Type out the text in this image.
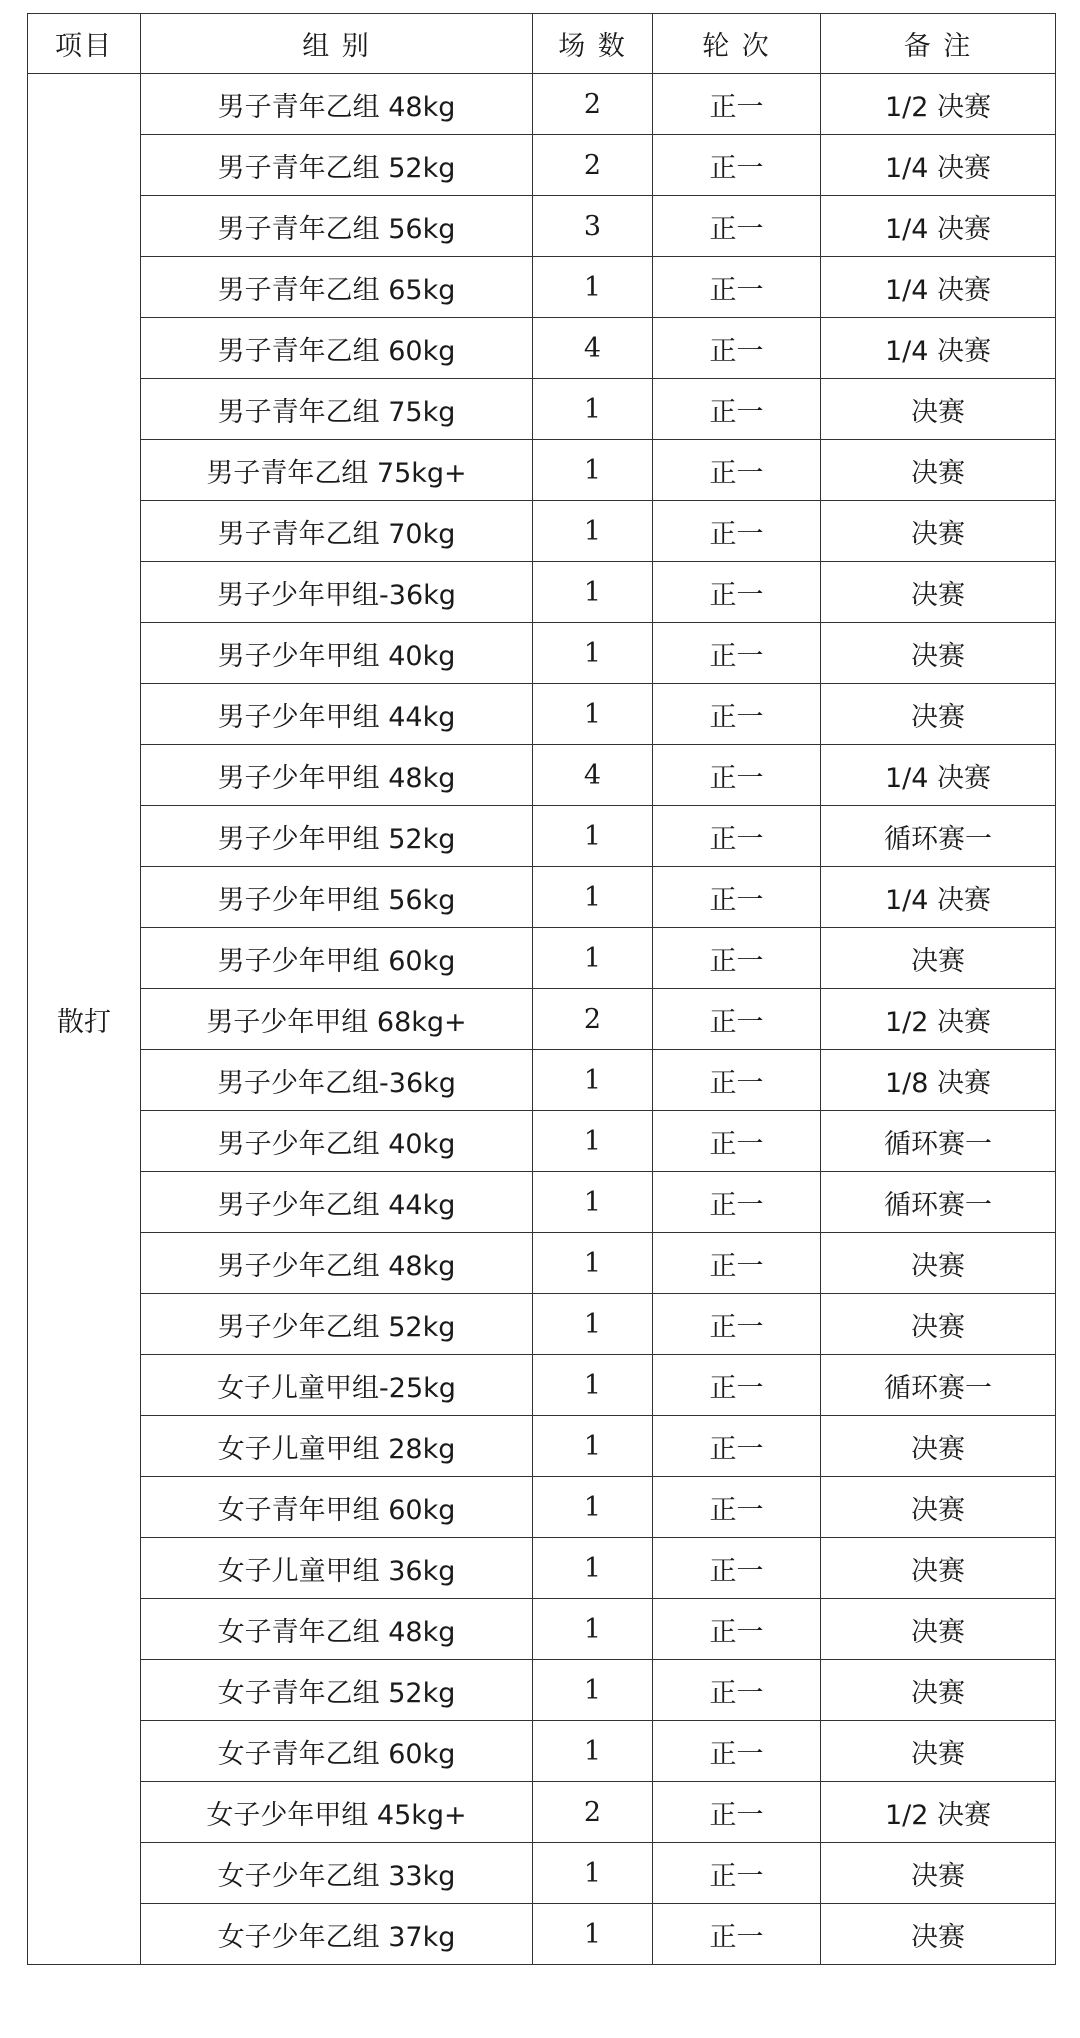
项目	组 别	场 数	轮 次	备 注
散打	男子青年乙组 48kg	2	正一	1/2 决赛
	男子青年乙组 52kg	2	正一	1/4 决赛
	男子青年乙组 56kg	3	正一	1/4 决赛
	男子青年乙组 65kg	1	正一	1/4 决赛
	男子青年乙组 60kg	4	正一	1/4 决赛
	男子青年乙组 75kg	1	正一	决赛
	男子青年乙组 75kg+	1	正一	决赛
	男子青年乙组 70kg	1	正一	决赛
	男子少年甲组-36kg	1	正一	决赛
	男子少年甲组 40kg	1	正一	决赛
	男子少年甲组 44kg	1	正一	决赛
	男子少年甲组 48kg	4	正一	1/4 决赛
	男子少年甲组 52kg	1	正一	循环赛一
	男子少年甲组 56kg	1	正一	1/4 决赛
	男子少年甲组 60kg	1	正一	决赛
	男子少年甲组 68kg+	2	正一	1/2 决赛
	男子少年乙组-36kg	1	正一	1/8 决赛
	男子少年乙组 40kg	1	正一	循环赛一
	男子少年乙组 44kg	1	正一	循环赛一
	男子少年乙组 48kg	1	正一	决赛
	男子少年乙组 52kg	1	正一	决赛
	女子儿童甲组-25kg	1	正一	循环赛一
	女子儿童甲组 28kg	1	正一	决赛
	女子青年甲组 60kg	1	正一	决赛
	女子儿童甲组 36kg	1	正一	决赛
	女子青年乙组 48kg	1	正一	决赛
	女子青年乙组 52kg	1	正一	决赛
	女子青年乙组 60kg	1	正一	决赛
	女子少年甲组 45kg+	2	正一	1/2 决赛
	女子少年乙组 33kg	1	正一	决赛
	女子少年乙组 37kg	1	正一	决赛
